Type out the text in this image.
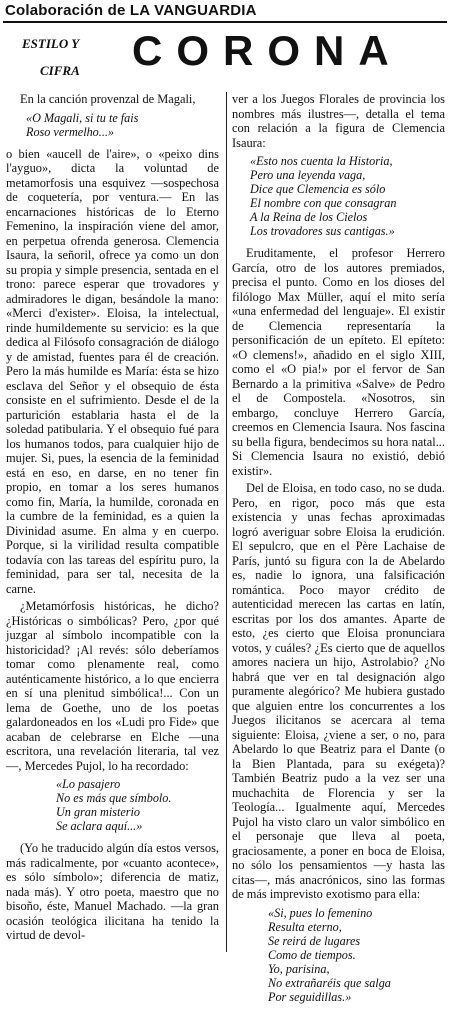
Colaboración de LA VANGUARDIA
ESTILO Y
CIFRA CORONA

En la canción provenzal de Magali,

«O Magali, si tu te fais
Roso vermelho...»

o bien «aucell de l'aire», o «peixo dins l'ayguo», dicta la voluntad de metamorfosis una esquivez —sospechosa de coquetería, por ventura.— En las encarnaciones históricas de lo Eterno Femenino, la inspiración viene del amor, en perpetua ofrenda generosa. Clemencia Isaura, la señoril, ofrece ya como un don su propia y simple presencia, sentada en el trono: parece esperar que trovadores y admiradores le digan, besándole la mano: «Merci d'exister». Eloisa, la intelectual, rinde humildemente su servicio: es la que dedica al Filósofo consagración de diálogo y de amistad, fuentes para él de creación. Pero la más humilde es María: ésta se hizo esclava del Señor y el obsequio de ésta consiste en el sufrimiento. Desde el de la parturición establaria hasta el de la soledad patibularia. Y el obsequio fué para los humanos todos, para cualquier hijo de mujer. Si, pues, la esencia de la feminidad está en eso, en darse, en no tener fin propio, en tomar a los seres humanos como fin, María, la humilde, coronada en la cumbre de la feminidad, es a quien la Divinidad asume. En alma y en cuerpo. Porque, si la virilidad resulta compatible todavía con las tareas del espíritu puro, la feminidad, para ser tal, necesita de la carne.

¿Metamórfosis históricas, he dicho? ¿Históricas o simbólicas? Pero, ¿por qué juzgar al símbolo incompatible con la historicidad? ¡Al revés: sólo deberíamos tomar como plenamente real, como auténticamente histórico, a lo que encierra en sí una plenitud simbólica!... Con un lema de Goethe, uno de los poetas galardoneados en los «Ludi pro Fide» que acaban de celebrarse en Elche —una escritora, una revelación literaria, tal vez—, Mercedes Pujol, lo ha recordado:

«Lo pasajero
No es más que símbolo.
Un gran misterio
Se aclara aquí...»

(Yo he traducido algún día estos versos, más radicalmente, por «cuanto acontece», es sólo símbolo»; diferencia de matiz, nada más). Y otro poeta, maestro que no bisoño, éste, Manuel Machado. —la gran ocasión teológica ilicitana ha tenido la virtud de devol-

ver a los Juegos Florales de provincia los nombres más ilustres—, detalla el tema con relación a la figura de Clemencia Isaura:

«Esto nos cuenta la Historia,
Pero una leyenda vaga,
Dice que Clemencia es sólo
El nombre con que consagran
A la Reina de los Cielos
Los trovadores sus cantigas.»

Eruditamente, el profesor Herrero García, otro de los autores premiados, precisa el punto. Como en los dioses del filólogo Max Müller, aquí el mito sería «una enfermedad del lenguaje». El existir de Clemencia representaría la personificación de un epíteto. El epíteto: «O clemens!», añadido en el siglo XIII, como el «O pia!» por el fervor de San Bernardo a la primitiva «Salve» de Pedro el de Compostela. «Nosotros, sin embargo, concluye Herrero García, creemos en Clemencia Isaura. Nos fascina su bella figura, bendecimos su hora natal... Si Clemencia Isaura no existió, debió existir».

Del de Eloisa, en todo caso, no se duda. Pero, en rigor, poco más que esta existencia y unas fechas aproximadas logró averiguar sobre Eloisa la erudición. El sepulcro, que en el Père Lachaise de París, juntó su figura con la de Abelardo es, nadie lo ignora, una falsificación romántica. Poco mayor crédito de autenticidad merecen las cartas en latín, escritas por los dos amantes. Aparte de esto, ¿es cierto que Eloisa pronunciara votos, y cuáles? ¿Es cierto que de aquellos amores naciera un hijo, Astrolabio? ¿No habrá que ver en tal designación algo puramente alegórico? Me hubiera gustado que alguien entre los concurrentes a los Juegos ilicitanos se acercara al tema siguiente: Eloisa, ¿viene a ser, o no, para Abelardo lo que Beatriz para el Dante (o la Bien Plantada, para su exégeta)? También Beatriz pudo a la vez ser una muchachita de Florencia y ser la Teología... Igualmente aquí, Mercedes Pujol ha visto claro un valor simbólico en el personaje que lleva al poeta, graciosamente, a poner en boca de Eloisa, no sólo los pensamientos —y hasta las citas—, más anacrónicos, sino las formas de más imprevisto exotismo para ella:

«Si, pues lo femenino
Resulta eterno,
Se reirá de lugares
Como de tiempos.
Yo, parisina,
No extrañaréis que salga
Por seguidillas.»
